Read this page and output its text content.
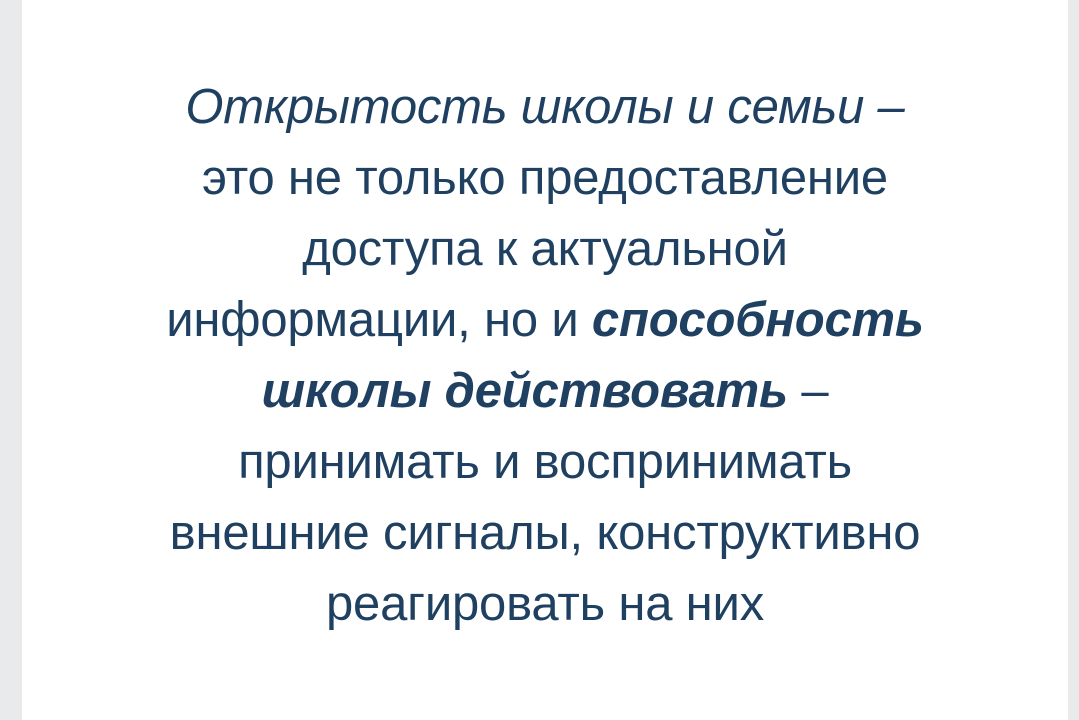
Открытость школы и семьи –
это не только предоставление
доступа к актуальной
информации, но и способность
школы действовать –
принимать и воспринимать
внешние сигналы, конструктивно
реагировать на них
